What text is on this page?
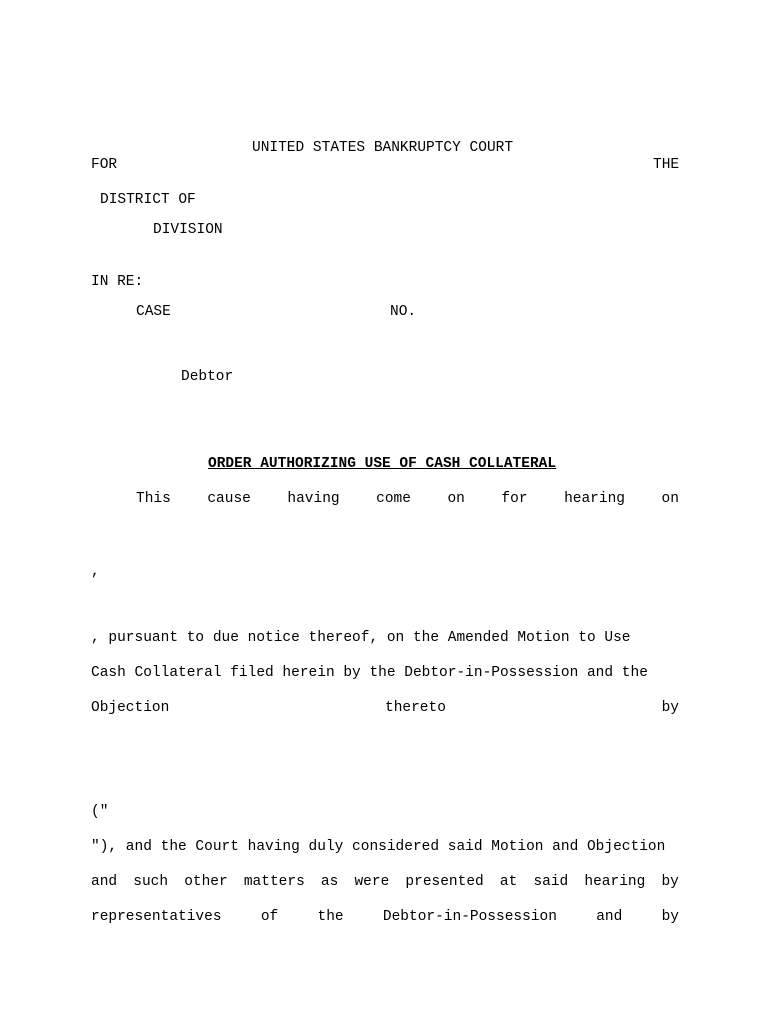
UNITED STATES BANKRUPTCY COURT
FOR	THE
DISTRICT OF
DIVISION
IN RE:
CASE	NO.
Debtor
ORDER AUTHORIZING USE OF CASH COLLATERAL
This	cause	having	come	on	for	hearing	on
,
, pursuant to due notice thereof, on the Amended Motion to Use
Cash Collateral filed herein by the Debtor-in-Possession and the
Objection	thereto	by
("
"), and the Court having duly considered said Motion and Objection
and such other matters as were presented at said hearing by
representatives	of	the	Debtor-in-Possession	and	by
